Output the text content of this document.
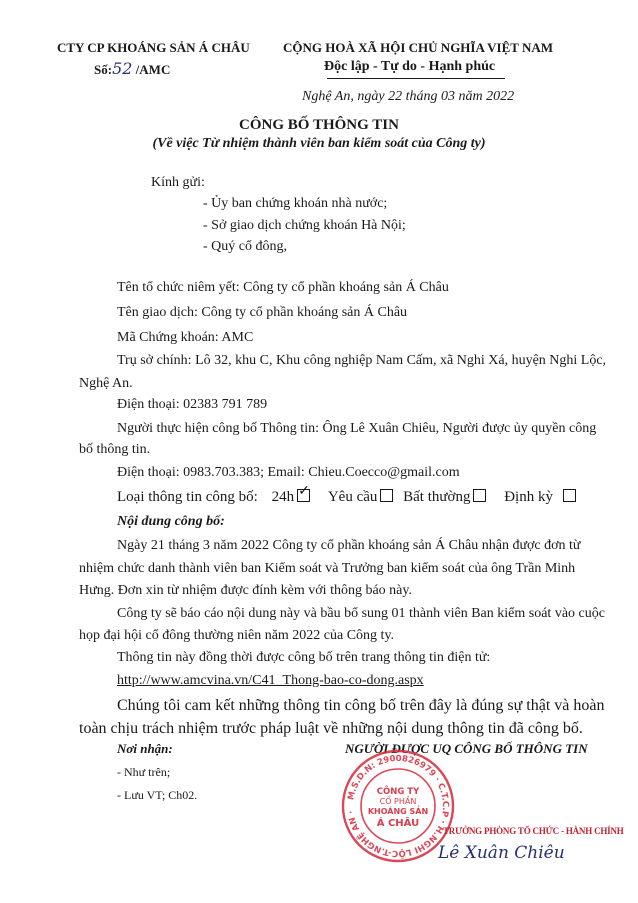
CTY CP KHOÁNG SẢN Á CHÂU
Số:52 /AMC
CỘNG HOÀ XÃ HỘI CHỦ NGHĨA VIỆT NAM
Độc lập - Tự do - Hạnh phúc
Nghệ An, ngày 22 tháng 03 năm 2022
CÔNG BỐ THÔNG TIN
(Về việc Từ nhiệm thành viên ban kiểm soát của Công ty)
Kính gửi:
- Ủy ban chứng khoán nhà nước;
- Sở giao dịch chứng khoán Hà Nội;
- Quý cổ đông,
Tên tổ chức niêm yết: Công ty cổ phần khoáng sản Á Châu
Tên giao dịch: Công ty cổ phần khoáng sản Á Châu
Mã Chứng khoán: AMC
Trụ sở chính: Lô 32, khu C, Khu công nghiệp Nam Cấm, xã Nghi Xá, huyện Nghi Lộc,
Nghệ An.
Điện thoại: 02383 791 789
Người thực hiện công bố Thông tin: Ông Lê Xuân Chiêu, Người được ủy quyền công
bố thông tin.
Điện thoại: 0983.703.383; Email: Chieu.Coecco@gmail.com
Loại thông tin công bố: 24h ✓ Yêu cầu Bất thường Định kỳ
Nội dung công bố:
Ngày 21 tháng 3 năm 2022 Công ty cổ phần khoáng sản Á Châu nhận được đơn từ
nhiệm chức danh thành viên ban Kiểm soát và Trưởng ban kiểm soát của ông Trần Minh
Hưng. Đơn xin từ nhiệm được đính kèm với thông báo này.
Công ty sẽ báo cáo nội dung này và bầu bổ sung 01 thành viên Ban kiểm soát vào cuộc
họp đại hội cổ đông thường niên năm 2022 của Công ty.
Thông tin này đồng thời được công bố trên trang thông tin điện tử:
http://www.amcvina.vn/C41_Thong-bao-co-dong.aspx
Chúng tôi cam kết những thông tin công bố trên đây là đúng sự thật và hoàn
toàn chịu trách nhiệm trước pháp luật về những nội dung thông tin đã công bố.
Nơi nhận:
- Như trên;
- Lưu VT; Ch02.
NGƯỜI ĐƯỢC UQ CÔNG BỐ THÔNG TIN
M.S.D.N: 2900826979 · C.T.C.P · H.NGHI LỘC-T.NGHỆ AN ·
CÔNG TY
CỔ PHẦN
KHOÁNG SẢN
Á CHÂU
TRƯỞNG PHÒNG TỔ CHỨC - HÀNH CHÍNH
Lê Xuân Chiêu
